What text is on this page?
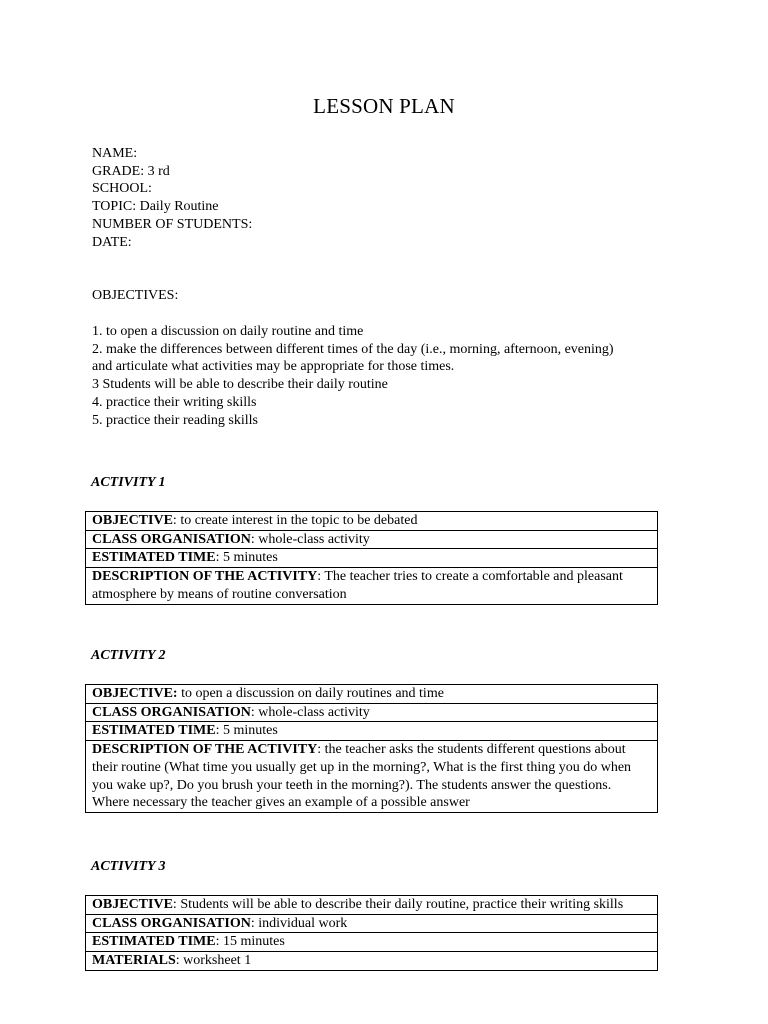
LESSON PLAN
NAME:
GRADE: 3 rd
SCHOOL:
TOPIC: Daily Routine
NUMBER OF STUDENTS:
DATE:
OBJECTIVES:
1. to open a discussion on daily routine and time
2. make the differences between different times of the day (i.e., morning, afternoon, evening)
and articulate what activities may be appropriate for those times.
3 Students will be able to describe their daily routine
4. practice their writing skills
5. practice their reading skills
ACTIVITY 1
OBJECTIVE: to create interest in the topic to be debated
CLASS ORGANISATION: whole-class activity
ESTIMATED TIME: 5 minutes
DESCRIPTION OF THE ACTIVITY: The teacher tries to create a comfortable and pleasant atmosphere by means of routine conversation
ACTIVITY 2
OBJECTIVE: to open a discussion on daily routines and time
CLASS ORGANISATION: whole-class activity
ESTIMATED TIME: 5 minutes
DESCRIPTION OF THE ACTIVITY: the teacher asks the students different questions about their routine (What time you usually get up in the morning?, What is the first thing you do when you wake up?, Do you brush your teeth in the morning?). The students answer the questions. Where necessary the teacher gives an example of a possible answer
ACTIVITY 3
OBJECTIVE: Students will be able to describe their daily routine, practice their writing skills
CLASS ORGANISATION: individual work
ESTIMATED TIME: 15 minutes
MATERIALS: worksheet 1
